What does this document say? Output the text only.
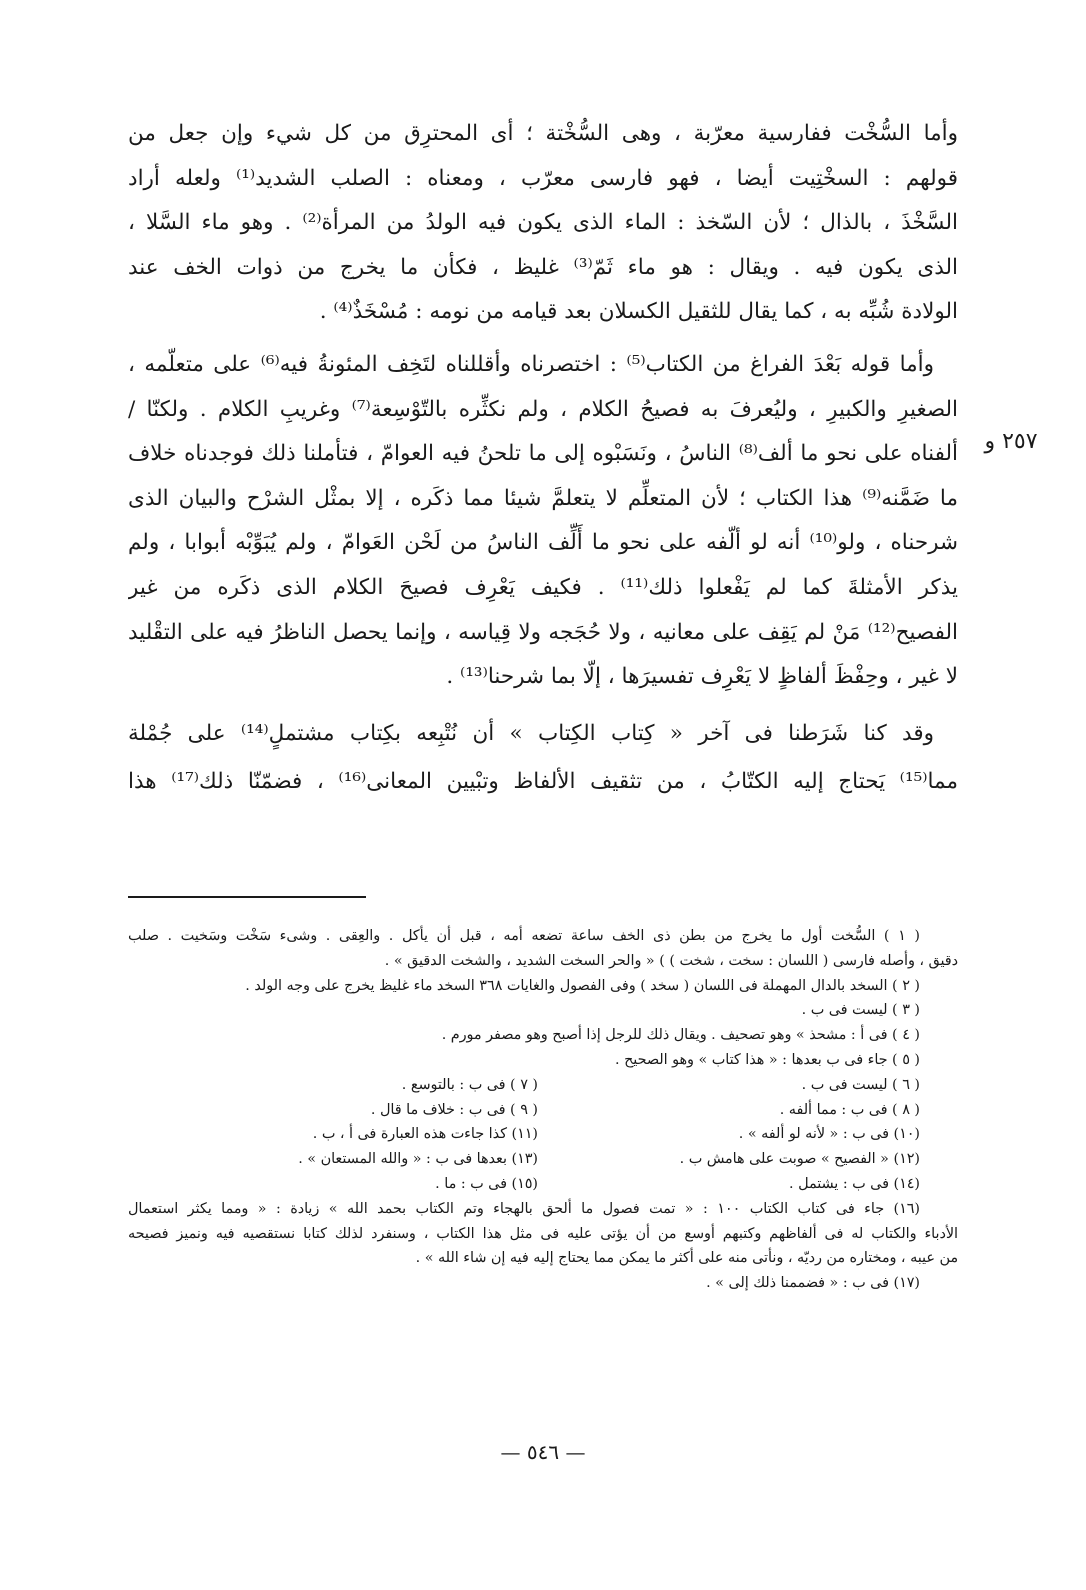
وأما السُّخْت ففارسية معرّبة ، وهى السُّخْتة ؛ أى المحترِق من كل شيء وإن جعل من
قولهم : السخْتِيت أيضا ، فهو فارسى معرّب ، ومعناه : الصلب الشديد⁽¹⁾ ولعله أراد
السَّخْذَ ، بالذال ؛ لأن السّخذ : الماء الذى يكون فيه الولدُ من المرأة⁽²⁾ . وهو ماء السَّلا ،
الذى يكون فيه . ويقال : هو ماء ثَمّ⁽³⁾ غليظ ، فكأن ما يخرج من ذوات الخف عند
الولادة شُبِّه به ، كما يقال للثقيل الكسلان بعد قيامه من نومه : مُسْخَذٌ⁽⁴⁾ .
وأما قوله بَعْدَ الفراغ من الكتاب⁽⁵⁾ : اختصرناه وأقللناه لتَخِف المئونةُ فيه⁽⁶⁾ على متعلّمه ،
الصغيرِ والكبيرِ ، وليُعرفَ به فصيحُ الكلام ، ولم نكثِّره بالتّوْسِعة⁽⁷⁾ وغريبِ الكلام . ولكنّا /
ألفناه على نحو ما ألف⁽⁸⁾ الناسُ ، ونَسَبْوه إلى ما تلحنُ فيه العوامّ ، فتأملنا ذلك فوجدناه خلاف
ما ضَمَّنه⁽⁹⁾ هذا الكتاب ؛ لأن المتعلِّم لا يتعلمَّ شيئا مما ذكَره ، إلا بمثْل الشرْح والبيان الذى
شرحناه ، ولو⁽¹⁰⁾ أنه لو ألّفه على نحو ما أَلِّف الناسُ من لَحْن العَوامّ ، ولم يُبَوِّبْه أبوابا ، ولم
يذكر الأمثلةَ كما لم يَفْعلوا ذلك⁽¹¹⁾ . فكيف يَعْرِف فصيحَ الكلام الذى ذكَره من غير
الفصيح⁽¹²⁾ مَنْ لم يَقِف على معانيه ، ولا حُجَجه ولا قِياسه ، وإنما يحصل الناظرُ فيه على التقْليد
لا غير ، وحِفْظَ ألفاظٍ لا يَعْرِف تفسيرَها ، إلّا بما شرحنا⁽¹³⁾ .
وقد كنا شَرَطنا فى آخر « كِتاب الكِتاب » أن نُتْبِعه بكِتاب مشتملٍ⁽¹⁴⁾ على جُمْلة
مما⁽¹⁵⁾ يَحتاج إليه الكتّابُ ، من تثقيف الألفاظ وتبْيين المعانى⁽¹⁶⁾ ، فضمّنّا ذلك⁽¹⁷⁾ هذا
٢٥٧ و
( ١ ) السُّخت أول ما يخرج من بطن ذى الخف ساعة تضعه أمه ، قبل أن يأكل . والعِقى . وشىء سَخْت وسَخيت . صلب
دقيق ، وأصله فارسى ( اللسان : سخت ، شخت ) ) « والحر السخت الشديد ، والشخت الدقيق » .
( ٢ ) السخد بالدال المهملة فى اللسان ( سخد ) وفى الفصول والغايات ٣٦٨ السخد ماء غليظ يخرج على وجه الولد .
( ٣ ) ليست فى ب .
( ٤ ) فى أ : مشحذ » وهو تصحيف . ويقال ذلك للرجل إذا أصبح وهو مصفر مورم .
( ٥ ) جاء فى ب بعدها : « هذا كتاب » وهو الصحيح .
( ٦ ) ليست فى ب .
( ٧ ) فى ب : بالتوسع .
( ٨ ) فى ب : مما ألفه .
( ٩ ) فى ب : خلاف ما قال .
(١٠) فى ب : « لأنه لو ألفه » .
(١١) كذا جاءت هذه العبارة فى أ ، ب .
(١٢) « الفصيح » صوبت على هامش ب .
(١٣) بعدها فى ب : « والله المستعان » .
(١٤) فى ب : يشتمل .
(١٥) فى ب : ما .
(١٦) جاء فى كتاب الكتاب ١٠٠ : « تمت فصول ما ألحق بالهجاء وتم الكتاب بحمد الله » زيادة : « ومما يكثر استعمال
الأدباء والكتاب له فى ألفاظهم وكتبهم أوسع من أن يؤتى عليه فى مثل هذا الكتاب ، وسنفرد لذلك كتابا نستقصيه فيه ونميز فصيحه
من عيبه ، ومختاره من رديّه ، ونأتى منه على أكثر ما يمكن مما يحتاج إليه فيه إن شاء الله » .
(١٧) فى ب : « فضممنا ذلك إلى » .
— ٥٤٦ —
